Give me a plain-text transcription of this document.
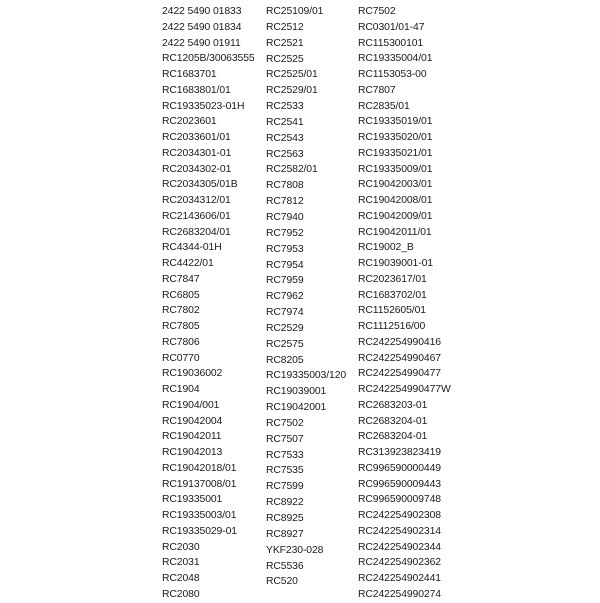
2422 5490 01833
2422 5490 01834
2422 5490 01911
RC1205B/30063555
RC1683701
RC1683801/01
RC19335023-01H
RC2023601
RC2033601/01
RC2034301-01
RC2034302-01
RC2034305/01B
RC2034312/01
RC2143606/01
RC2683204/01
RC4344-01H
RC4422/01
RC7847
RC6805
RC7802
RC7805
RC7806
RC0770
RC19036002
RC1904
RC1904/001
RC19042004
RC19042011
RC19042013
RC19042018/01
RC19137008/01
RC19335001
RC19335003/01
RC19335029-01
RC2030
RC2031
RC2048
RC2080
RC25109/01
RC2512
RC2521
RC2525
RC2525/01
RC2529/01
RC2533
RC2541
RC2543
RC2563
RC2582/01
RC7808
RC7812
RC7940
RC7952
RC7953
RC7954
RC7959
RC7962
RC7974
RC2529
RC2575
RC8205
RC19335003/120
RC19039001
RC19042001
RC7502
RC7507
RC7533
RC7535
RC7599
RC8922
RC8925
RC8927
YKF230-028
RC5536
RC520
RC7502
RC0301/01-47
RC115300101
RC19335004/01
RC1153053-00
RC7807
RC2835/01
RC19335019/01
RC19335020/01
RC19335021/01
RC19335009/01
RC19042003/01
RC19042008/01
RC19042009/01
RC19042011/01
RC19002_B
RC19039001-01
RC2023617/01
RC1683702/01
RC1152605/01
RC1112516/00
RC242254990416
RC242254990467
RC242254990477
RC242254990477W
RC2683203-01
RC2683204-01
RC2683204-01
RC313923823419
RC996590000449
RC996590009443
RC996590009748
RC242254902308
RC242254902314
RC242254902344
RC242254902362
RC242254902441
RC242254990274
